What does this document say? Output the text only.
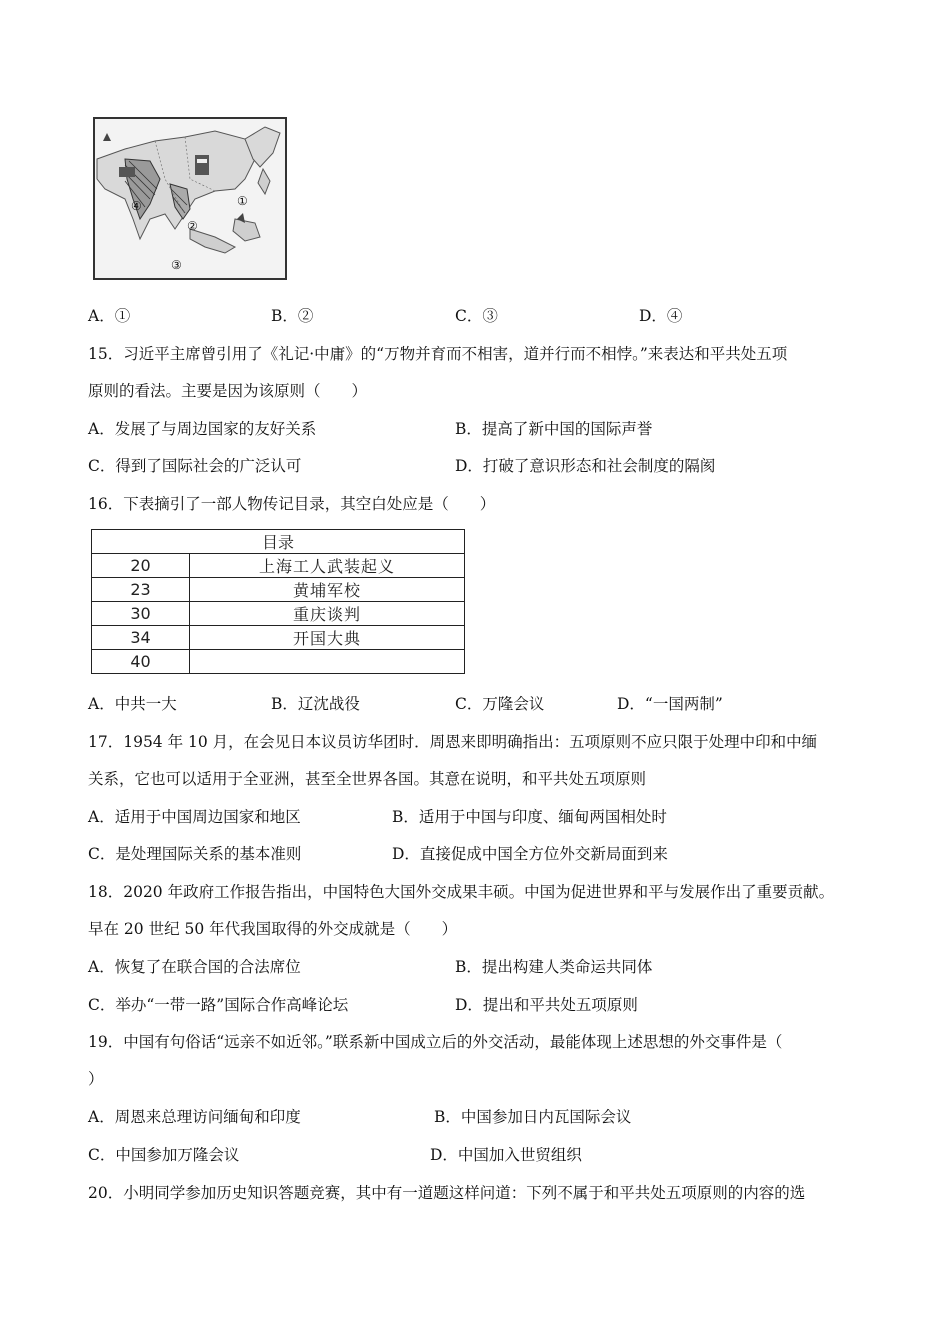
①
②
③
④
A．①	B．②	C．③	D．④
15．习近平主席曾引用了《礼记·中庸》的“万物并育而不相害，道并行而不相悖。”来表达和平共处五项
原则的看法。主要是因为该原则（　　）
A．发展了与周边国家的友好关系	B．提高了新中国的国际声誉
C．得到了国际社会的广泛认可	D．打破了意识形态和社会制度的隔阂
16．下表摘引了一部人物传记目录，其空白处应是（　　）
目录	
20	上海工人武装起义
23	黄埔军校
30	重庆谈判
34	开国大典
40	
A．中共一大	B．辽沈战役	C．万隆会议	D．“一国两制”
17．1954 年 10 月，在会见日本议员访华团时．周恩来即明确指出：五项原则不应只限于处理中印和中缅
关系，它也可以适用于全亚洲，甚至全世界各国。其意在说明，和平共处五项原则
A．适用于中国周边国家和地区	B．适用于中国与印度、缅甸两国相处时
C．是处理国际关系的基本准则	D．直接促成中国全方位外交新局面到来
18．2020 年政府工作报告指出，中国特色大国外交成果丰硕。中国为促进世界和平与发展作出了重要贡献。
早在 20 世纪 50 年代我国取得的外交成就是（　　）
A．恢复了在联合国的合法席位	B．提出构建人类命运共同体
C．举办“一带一路”国际合作高峰论坛	D．提出和平共处五项原则
19．中国有句俗话“远亲不如近邻。”联系新中国成立后的外交活动，最能体现上述思想的外交事件是（
）
A．周恩来总理访问缅甸和印度	B．中国参加日内瓦国际会议
C．中国参加万隆会议	D．中国加入世贸组织
20．小明同学参加历史知识答题竞赛，其中有一道题这样问道：下列不属于和平共处五项原则的内容的选
